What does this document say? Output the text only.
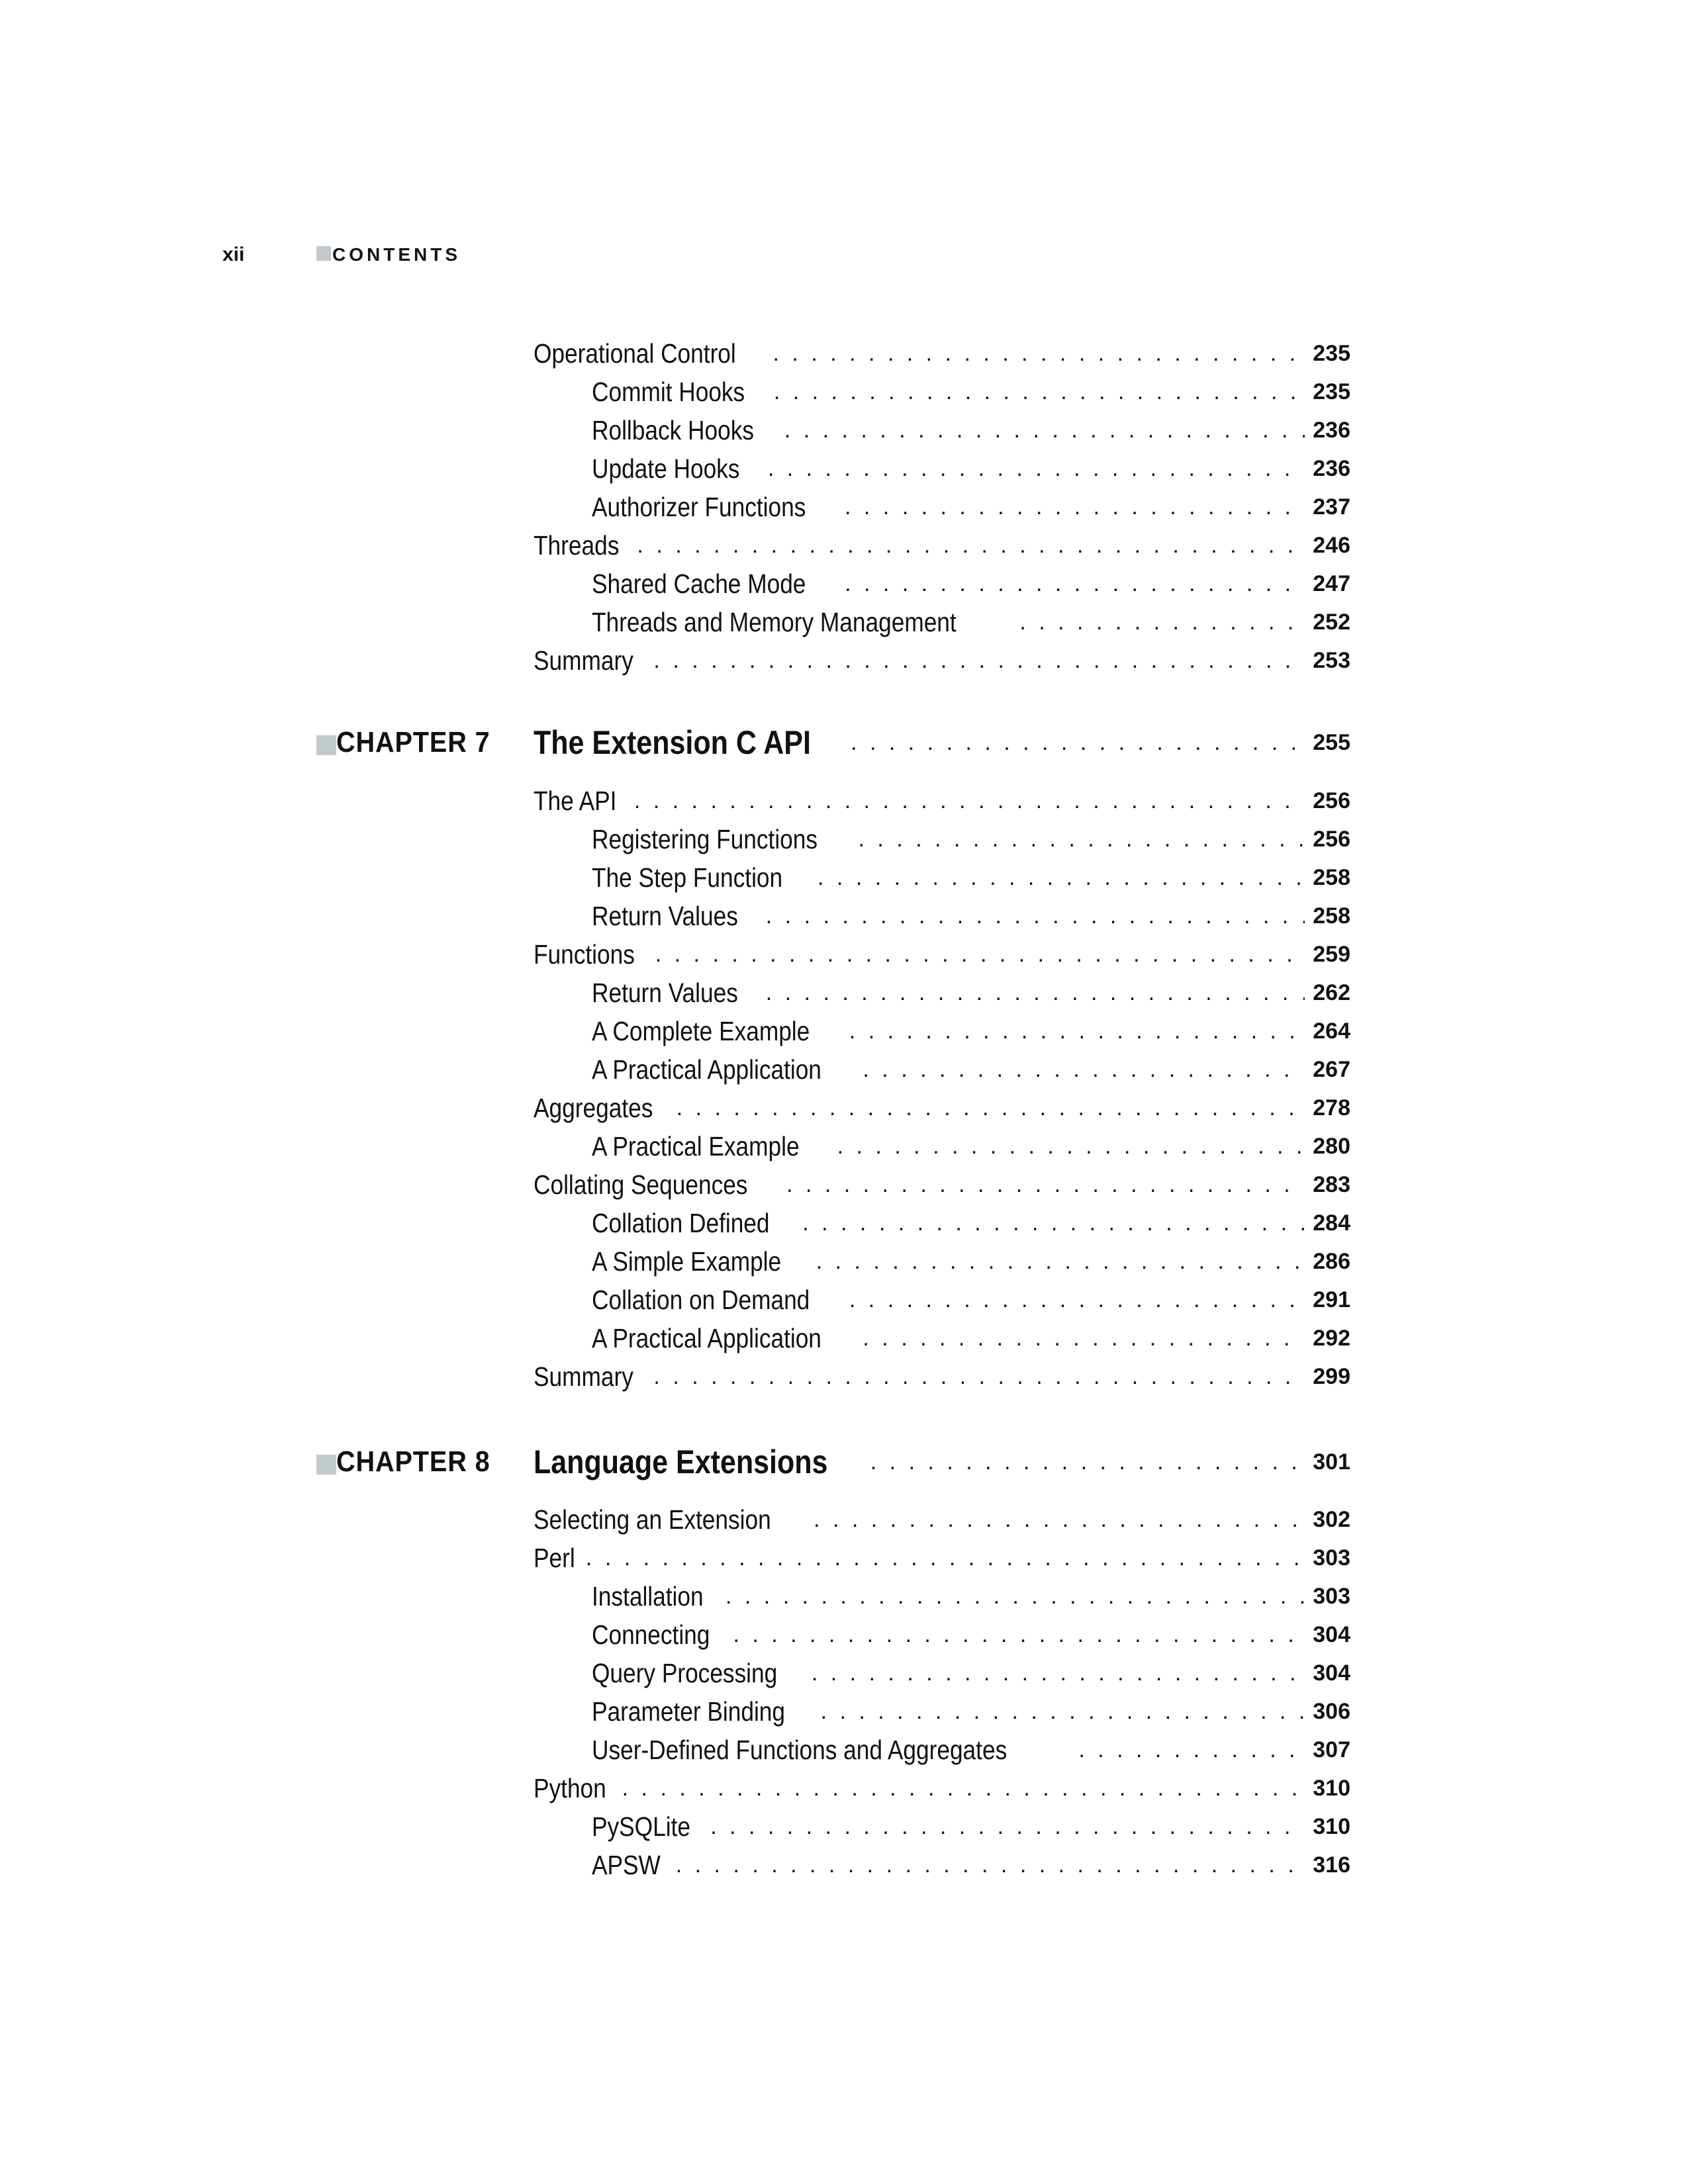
xii	CONTENTS
Operational Control . . .	235
Commit Hooks . . .	235
Rollback Hooks . . .	236
Update Hooks . . .	236
Authorizer Functions . . .	237
Threads . . .	246
Shared Cache Mode . . .	247
Threads and Memory Management . . .	252
Summary . . .	253
CHAPTER 7 The Extension C API . . .	255
The API . . .	256
Registering Functions . . .	256
The Step Function . . .	258
Return Values . . .	258
Functions . . .	259
Return Values . . .	262
A Complete Example . . .	264
A Practical Application . . .	267
Aggregates . . .	278
A Practical Example . . .	280
Collating Sequences . . .	283
Collation Defined . . .	284
A Simple Example . . .	286
Collation on Demand . . .	291
A Practical Application . . .	292
Summary . . .	299
CHAPTER 8 Language Extensions . . .	301
Selecting an Extension . . .	302
Perl . . .	303
Installation . . .	303
Connecting . . .	304
Query Processing . . .	304
Parameter Binding . . .	306
User-Defined Functions and Aggregates . . .	307
Python . . .	310
PySQLite . . .	310
APSW . . .	316
